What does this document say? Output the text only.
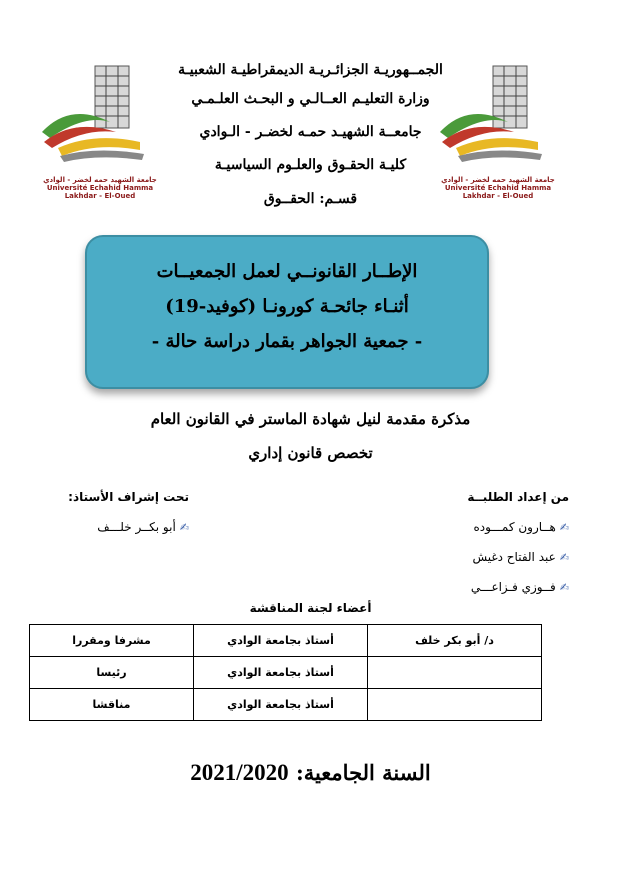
جامعة الشهيد حمه لخضر - الوادي
Université Echahid Hamma Lakhdar - El-Oued
جامعة الشهيد حمه لخضر - الوادي
Université Echahid Hamma Lakhdar - El-Oued
الجمــهوريـة الجزائـريـة الديمقراطيـة الشعبيـة
وزارة التعليـم العــالـي و البحـث العلـمـي
جامعــة الشهيـد حمـه لخضـر - الـوادي
كليـة الحقـوق والعلـوم السياسيـة
قسـم: الحقــوق
الإطــار القانونــي لعمل الجمعيــات
أثنـاء جائحـة كورونـا (كوفيد-19)
- جمعية الجواهر بقمار دراسة حالة -
مذكرة مقدمة لنيل شهادة الماستر في القانون العام
تخصص قانون إداري
من إعداد الطلبــة
تحت إشراف الأستاذ:
✍هــارون كمـــوده
✍عبد الفتاح دغيش
✍فــوزي فـزاعـــي
✍أبو بكــر خلـــف
أعضاء لجنة المناقشة
د/ أبو بكر خلف	أستاذ بجامعة الوادي	مشرفا ومقررا
	أستاذ بجامعة الوادي	رئيسا
	أستاذ بجامعة الوادي	مناقشا
السنة الجامعية: 2021/2020
